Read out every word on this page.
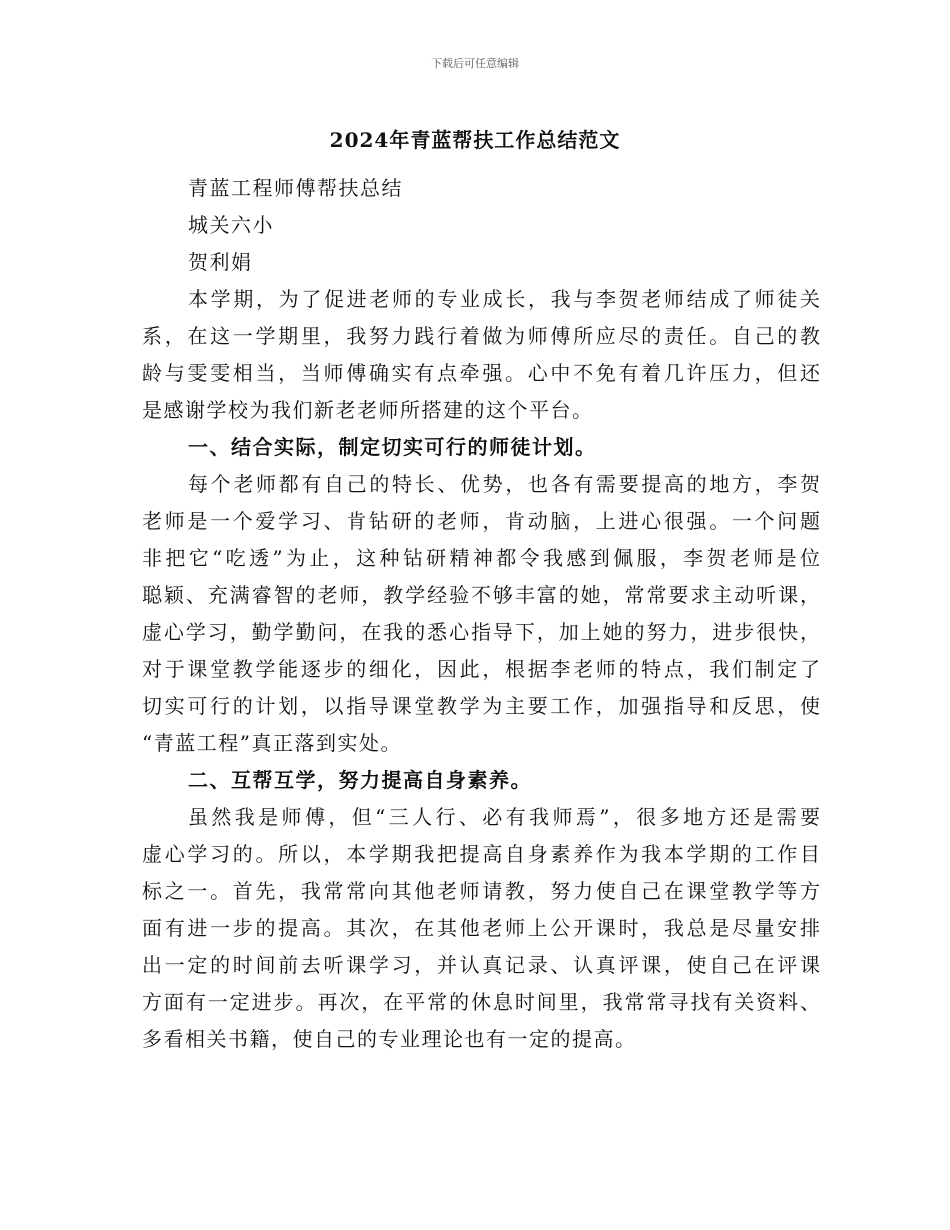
下载后可任意编辑
2024年青蓝帮扶工作总结范文
青蓝工程师傅帮扶总结
城关六小
贺利娟
本学期，为了促进老师的专业成长，我与李贺老师结成了师徒关
系，在这一学期里，我努力践行着做为师傅所应尽的责任。自己的教
龄与雯雯相当，当师傅确实有点牵强。心中不免有着几许压力，但还
是感谢学校为我们新老老师所搭建的这个平台。
一、结合实际，制定切实可行的师徒计划。
每个老师都有自己的特长、优势，也各有需要提高的地方，李贺
老师是一个爱学习、肯钻研的老师，肯动脑，上进心很强。一个问题
非把它“吃透”为止，这种钻研精神都令我感到佩服，李贺老师是位
聪颖、充满睿智的老师，教学经验不够丰富的她，常常要求主动听课，
虚心学习，勤学勤问，在我的悉心指导下，加上她的努力，进步很快，
对于课堂教学能逐步的细化，因此，根据李老师的特点，我们制定了
切实可行的计划，以指导课堂教学为主要工作，加强指导和反思，使
“青蓝工程”真正落到实处。
二、互帮互学，努力提高自身素养。
虽然我是师傅，但“三人行、必有我师焉”，很多地方还是需要
虚心学习的。所以，本学期我把提高自身素养作为我本学期的工作目
标之一。首先，我常常向其他老师请教，努力使自己在课堂教学等方
面有进一步的提高。其次，在其他老师上公开课时，我总是尽量安排
出一定的时间前去听课学习，并认真记录、认真评课，使自己在评课
方面有一定进步。再次，在平常的休息时间里，我常常寻找有关资料、
多看相关书籍，使自己的专业理论也有一定的提高。
